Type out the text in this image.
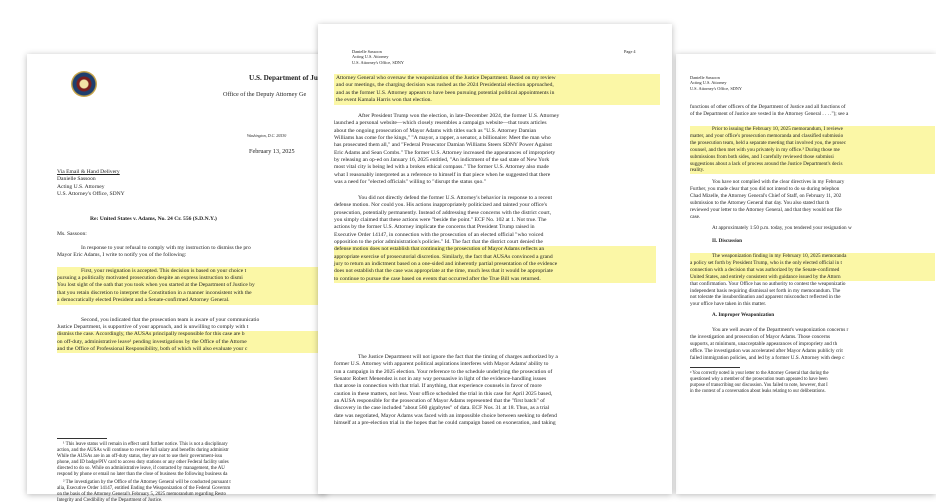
U.S. Department of Ju
Office of the Deputy Attorney Ge
Washington, D.C. 20530
February 13, 2025
Via Email & Hand Delivery
Danielle Sassoon
Acting U.S. Attorney
U.S. Attorney's Office, SDNY
Re: United States v. Adams, No. 24 Cr. 556 (S.D.N.Y.)
Ms. Sassoon:

In response to your refusal to comply with my instruction to dismiss the pro
Mayor Eric Adams, I write to notify you of the following:

First, your resignation is accepted. This decision is based on your choice t
pursuing a politically motivated prosecution despite an express instruction to dismi
You lost sight of the oath that you took when you started at the Department of Justice by
that you retain discretion to interpret the Constitution in a manner inconsistent with the
a democratically elected President and a Senate-confirmed Attorney General.

Second, you indicated that the prosecution team is aware of your communicatio
Justice Department, is supportive of your approach, and is unwilling to comply with t
dismiss the case. Accordingly, the AUSAs principally responsible for this case are b
on off-duty, administrative leave¹ pending investigations by the Office of the Attorne
and the Office of Professional Responsibility, both of which will also evaluate your c

¹ This leave status will remain in effect until further notice. This is not a disciplinary
action, and the AUSAs will continue to receive full salary and benefits during administr
While the AUSAs are in an off-duty status, they are not to use their government-issu
phone, and ID badge/PIV card to access duty stations or any other Federal facility unles
directed to do so. While on administrative leave, if contacted by management, the AU
respond by phone or email no later than the close of business the following business da

² The investigation by the Office of the Attorney General will be conducted pursuant t
alia, Executive Order 14147, entitled Ending the Weaponization of the Federal Governm
on the basis of the Attorney General's February 5, 2025 memorandum regarding Resto
Integrity and Credibility of the Department of Justice.

Danielle Sassoon
Acting U.S. Attorney
U.S. Attorney's Office, SDNY

functions of other officers of the Department of Justice and all functions of
of the Department of Justice are vested in the Attorney General . . . ."); see a

Prior to issuing the February 10, 2025 memorandum, I reviewe
matter, and your office's prosecution memoranda and classified submissio
the prosecution team, held a separate meeting that involved you, the prosec
counsel, and then met with you privately in my office.³ During those me
submissions from both sides, and I carefully reviewed those submissi
suggestions about a lack of process around the Justice Department's decis
reality.

You have not complied with the clear directives in my February
Further, you made clear that you did not intend to do so during telephon
Chad Mizelle, the Attorney General's Chief of Staff, on February 11, 202
submission to the Attorney General that day. You also stated that th
reviewed your letter to the Attorney General, and that they would not file
case.

At approximately 1:50 p.m. today, you tendered your resignation w

II. Discussion

The weaponization finding in my February 10, 2025 memoranda
a policy set forth by President Trump, who is the only elected official in t
connection with a decision that was authorized by the Senate-confirmed
United States, and entirely consistent with guidance issued by the Attorn
that confirmation. Your Office has no authority to contest the weaponizatio
independent basis requiring dismissal set forth in my memorandum. The
not tolerate the insubordination and apparent misconduct reflected in the
your office have taken in this matter.

A. Improper Weaponization

You are well aware of the Department's weaponization concerns r
the investigation and prosecution of Mayor Adams. Those concerns
supports, at minimum, unacceptable appearances of impropriety and th
office. The investigation was accelerated after Mayor Adams publicly crit
failed immigration policies, and led by a former U.S. Attorney with deep c

³ You correctly noted in your letter to the Attorney General that during the
questioned why a member of the prosecution team appeared to have been
purpose of transcribing our discussion. You failed to note, however, that I
in the context of a conversation about leaks relating to our deliberations.

Danielle Sassoon
Acting U.S. Attorney
U.S. Attorney's Office, SDNY
Page 4

Attorney General who oversaw the weaponization of the Justice Department. Based on my review
and our meetings, the charging decision was rushed as the 2024 Presidential election approached,
and as the former U.S. Attorney appears to have been pursuing potential political appointments in
the event Kamala Harris won that election.

After President Trump won the election, in late-December 2024, the former U.S. Attorney
launched a personal website—which closely resembles a campaign website—that touts articles
about the ongoing prosecution of Mayor Adams with titles such as "U.S. Attorney Damian
Williams has come for the kings," "A mayor, a rapper, a senator, a billionaire: Meet the man who
has prosecuted them all," and "Federal Prosecutor Damian Williams Steers SDNY Power Against
Eric Adams and Sean Combs." The former U.S. Attorney increased the appearances of impropriety
by releasing an op-ed on January 16, 2025 entitled, "An indictment of the sad state of New York
most vital city is being led with a broken ethical compass." The former U.S. Attorney also made
what I reasonably interpreted as a reference to himself in that piece when he suggested that there
was a need for "elected officials" willing to "disrupt the status quo."

You did not directly defend the former U.S. Attorney's behavior in response to a recent
defense motion. Nor could you. His actions inappropriately politicized and tainted your office's
prosecution, potentially permanently. Instead of addressing these concerns with the district court,
you simply claimed that these actions were "beside the point." ECF No. 102 at 1. Not true. The
actions by the former U.S. Attorney implicate the concerns that President Trump raised in
Executive Order 14147, in connection with the prosecution of an elected official "who voiced
opposition to the prior administration's policies." Id. The fact that the district court denied the
defense motion does not establish that continuing the prosecution of Mayor Adams reflects an
appropriate exercise of prosecutorial discretion. Similarly, the fact that AUSAs convinced a grand
jury to return an indictment based on a one-sided and inherently partial presentation of the evidence
does not establish that the case was appropriate at the time, much less that it would be appropriate
to continue to pursue the case based on events that occurred after the True Bill was returned.

The Justice Department will not ignore the fact that the timing of charges authorized by a
former U.S. Attorney with apparent political aspirations interferes with Mayor Adams' ability to
run a campaign in the 2025 election. Your reference to the schedule underlying the prosecution of
Senator Robert Menendez is not in any way persuasive in light of the evidence-handling issues
that arose in connection with that trial. If anything, that experience counsels in favor of more
caution in these matters, not less. Your office scheduled the trial in this case for April 2025 based,
an AUSA responsible for the prosecution of Mayor Adams represented that the "first batch" of
discovery in the case included "about 560 gigabytes" of data. ECF Nos. 31 at 18. Thus, as a trial
date was negotiated, Mayor Adams was faced with an impossible choice between seeking to defend
himself at a pre-election trial in the hopes that he could campaign based on exoneration, and taking
